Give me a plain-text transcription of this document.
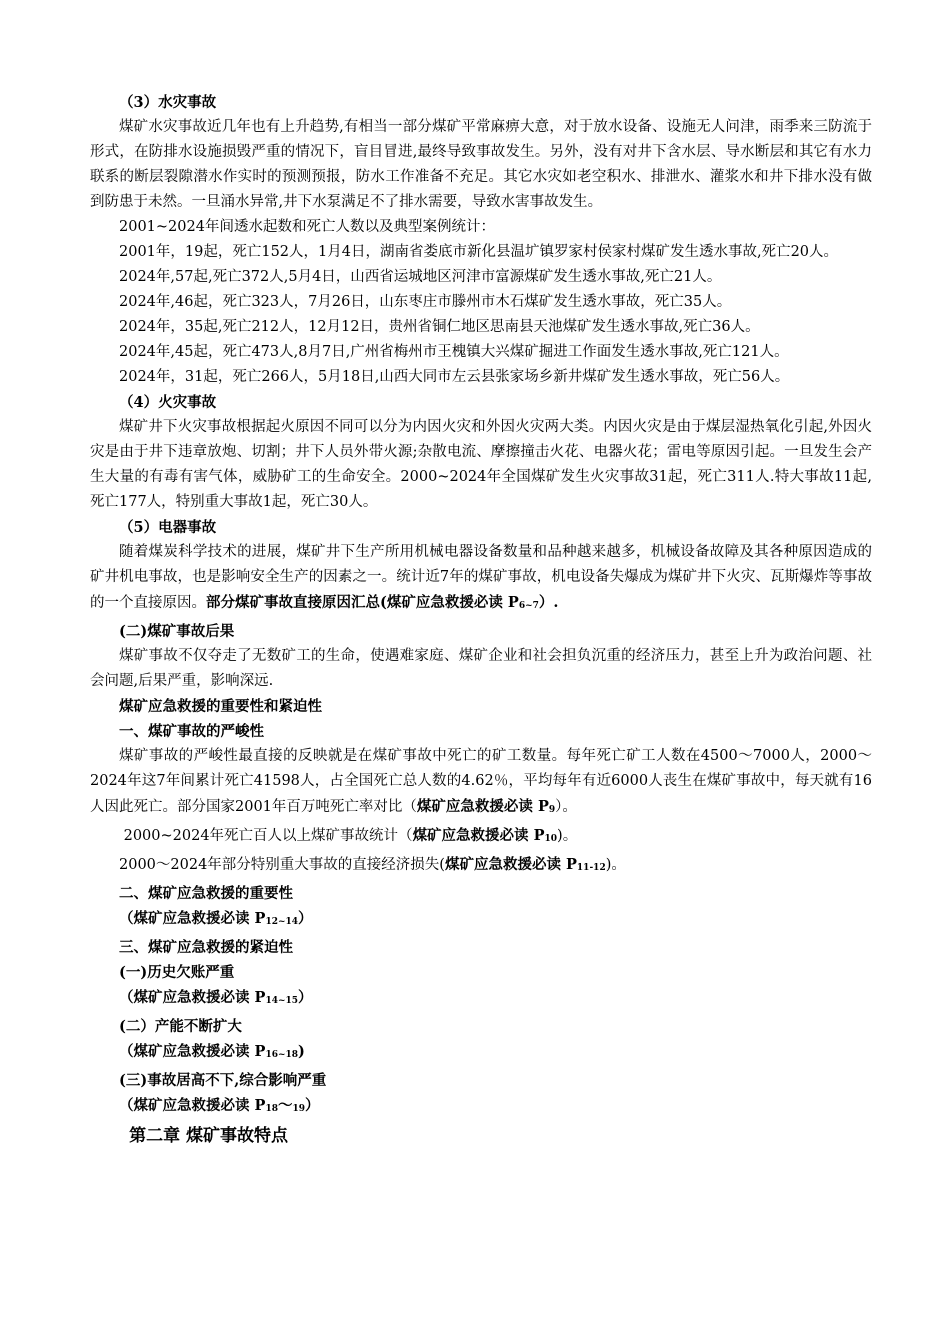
（3）水灾事故

煤矿水灾事故近几年也有上升趋势,有相当一部分煤矿平常麻痹大意，对于放水设备、设施无人问津，雨季来三防流于形式，在防排水设施损毁严重的情况下，盲目冒进,最终导致事故发生。另外，没有对井下含水层、导水断层和其它有水力联系的断层裂隙潜水作实时的预测预报，防水工作准备不充足。其它水灾如老空积水、排泄水、灌浆水和井下排水没有做到防患于未然。一旦涌水异常,井下水泵满足不了排水需要，导致水害事故发生。

2001~2024年间透水起数和死亡人数以及典型案例统计：

2001年，19起，死亡152人，1月4日，湖南省娄底市新化县温圹镇罗家村侯家村煤矿发生透水事故,死亡20人。

2024年,57起,死亡372人,5月4日，山西省运城地区河津市富源煤矿发生透水事故,死亡21人。

2024年,46起，死亡323人，7月26日，山东枣庄市滕州市木石煤矿发生透水事故，死亡35人。

2024年，35起,死亡212人，12月12日，贵州省铜仁地区思南县天池煤矿发生透水事故,死亡36人。

2024年,45起，死亡473人,8月7日,广州省梅州市王槐镇大兴煤矿掘进工作面发生透水事故,死亡121人。

2024年，31起，死亡266人，5月18日,山西大同市左云县张家场乡新井煤矿发生透水事故，死亡56人。

（4）火灾事故

煤矿井下火灾事故根据起火原因不同可以分为内因火灾和外因火灾两大类。内因火灾是由于煤层湿热氧化引起,外因火灾是由于井下违章放炮、切割；井下人员外带火源;杂散电流、摩擦撞击火花、电器火花；雷电等原因引起。一旦发生会产生大量的有毒有害气体，威胁矿工的生命安全。2000~2024年全国煤矿发生火灾事故31起，死亡311人.特大事故11起,死亡177人，特别重大事故1起，死亡30人。

（5）电器事故

随着煤炭科学技术的进展，煤矿井下生产所用机械电器设备数量和品种越来越多，机械设备故障及其各种原因造成的矿井机电事故，也是影响安全生产的因素之一。统计近7年的煤矿事故，机电设备失爆成为煤矿井下火灾、瓦斯爆炸等事故的一个直接原因。部分煤矿事故直接原因汇总(煤矿应急救援必读 P6~7）.

(二)煤矿事故后果

煤矿事故不仅夺走了无数矿工的生命，使遇难家庭、煤矿企业和社会担负沉重的经济压力，甚至上升为政治问题、社会问题,后果严重，影响深远.

煤矿应急救援的重要性和紧迫性

一、煤矿事故的严峻性

煤矿事故的严峻性最直接的反映就是在煤矿事故中死亡的矿工数量。每年死亡矿工人数在4500～7000人，2000～2024年这7年间累计死亡41598人，占全国死亡总人数的4.62％，平均每年有近6000人丧生在煤矿事故中，每天就有16人因此死亡。部分国家2001年百万吨死亡率对比（煤矿应急救援必读 P9）。

2000~2024年死亡百人以上煤矿事故统计（煤矿应急救援必读 P10)。

2000～2024年部分特别重大事故的直接经济损失(煤矿应急救援必读 P11-12)。

二、煤矿应急救援的重要性

（煤矿应急救援必读 P12~14）

三、煤矿应急救援的紧迫性

(一)历史欠账严重

（煤矿应急救援必读 P14~15）

(二）产能不断扩大

（煤矿应急救援必读 P16~18)

(三)事故居高不下,综合影响严重

（煤矿应急救援必读 P18～19）

第二章 煤矿事故特点
